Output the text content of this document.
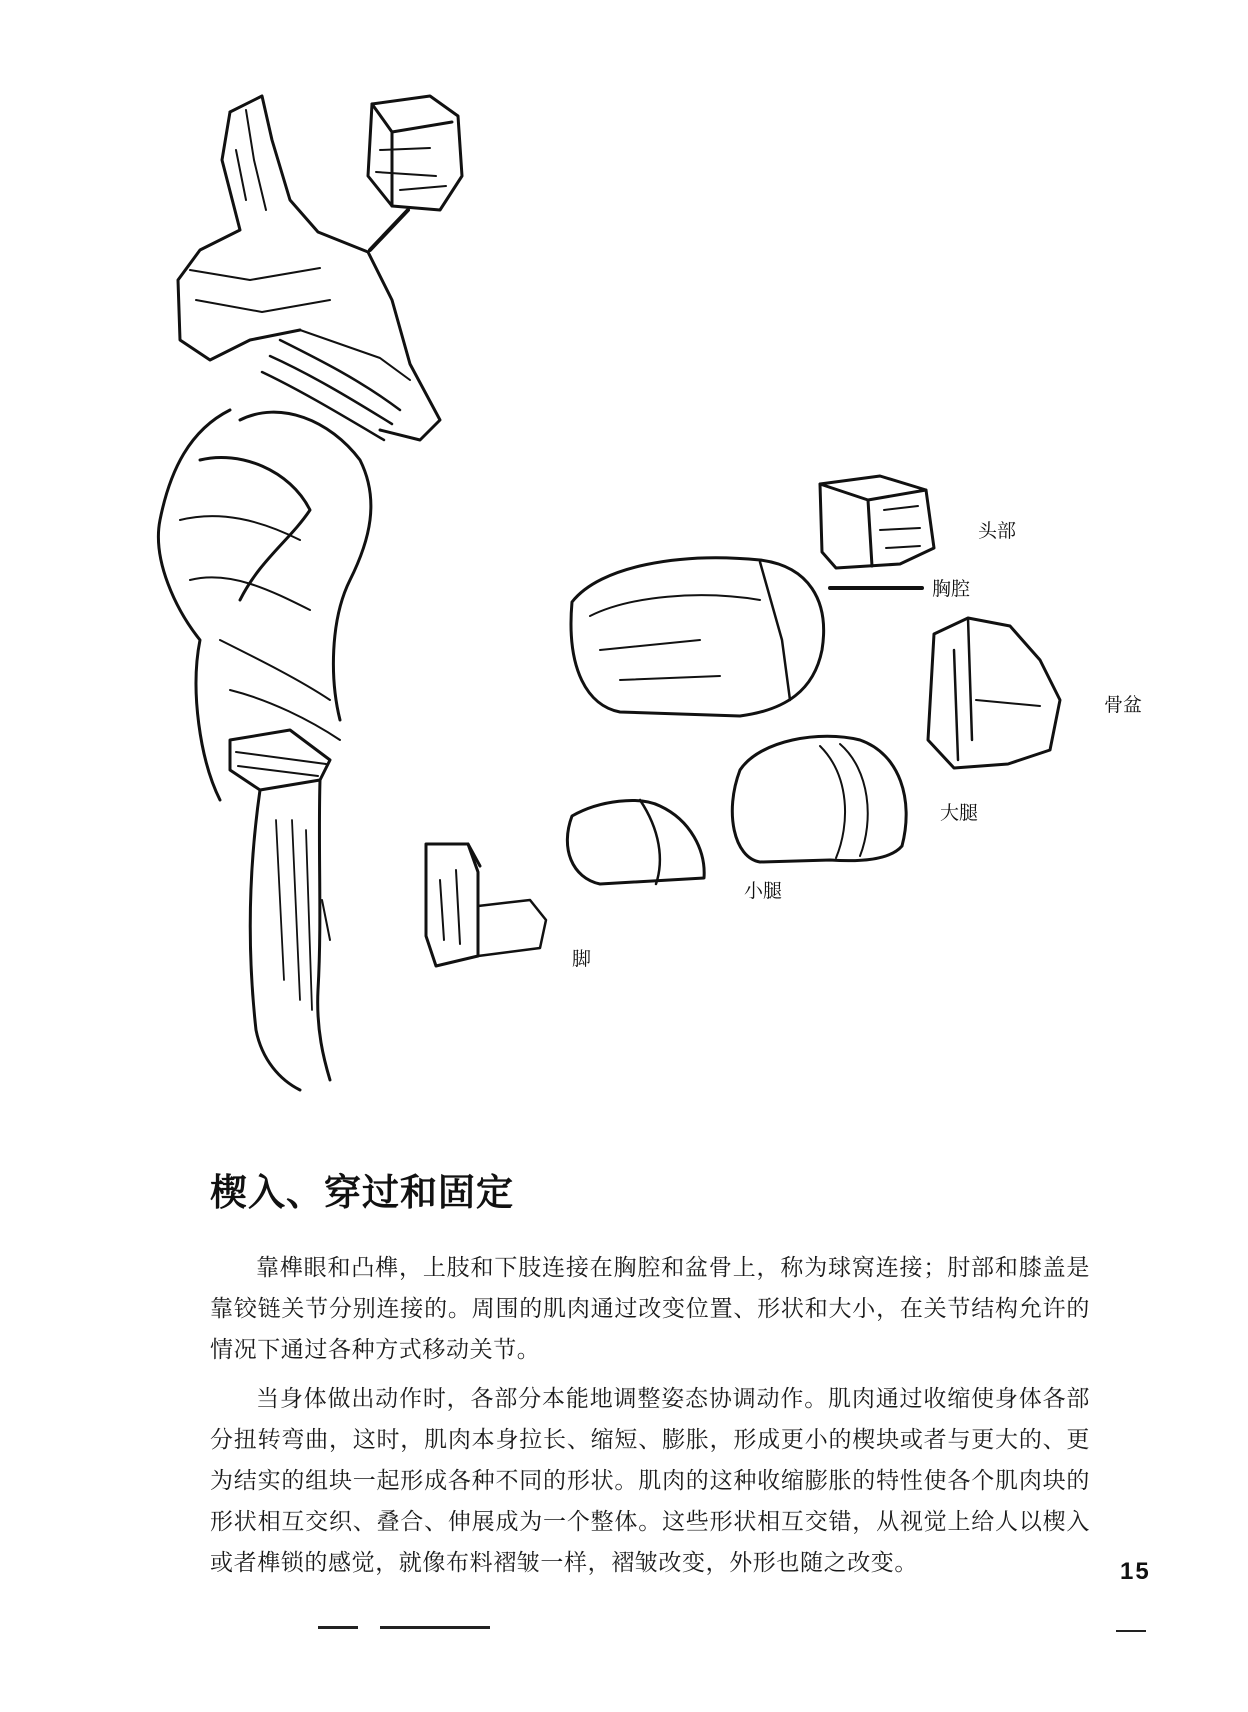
头部
胸腔
骨盆
大腿
小腿
脚
楔入、穿过和固定

靠榫眼和凸榫，上肢和下肢连接在胸腔和盆骨上，称为球窝连接；肘部和膝盖是靠铰链关节分别连接的。周围的肌肉通过改变位置、形状和大小，在关节结构允许的情况下通过各种方式移动关节。

当身体做出动作时，各部分本能地调整姿态协调动作。肌肉通过收缩使身体各部分扭转弯曲，这时，肌肉本身拉长、缩短、膨胀，形成更小的楔块或者与更大的、更为结实的组块一起形成各种不同的形状。肌肉的这种收缩膨胀的特性使各个肌肉块的形状相互交织、叠合、伸展成为一个整体。这些形状相互交错，从视觉上给人以楔入或者榫锁的感觉，就像布料褶皱一样，褶皱改变，外形也随之改变。	15
